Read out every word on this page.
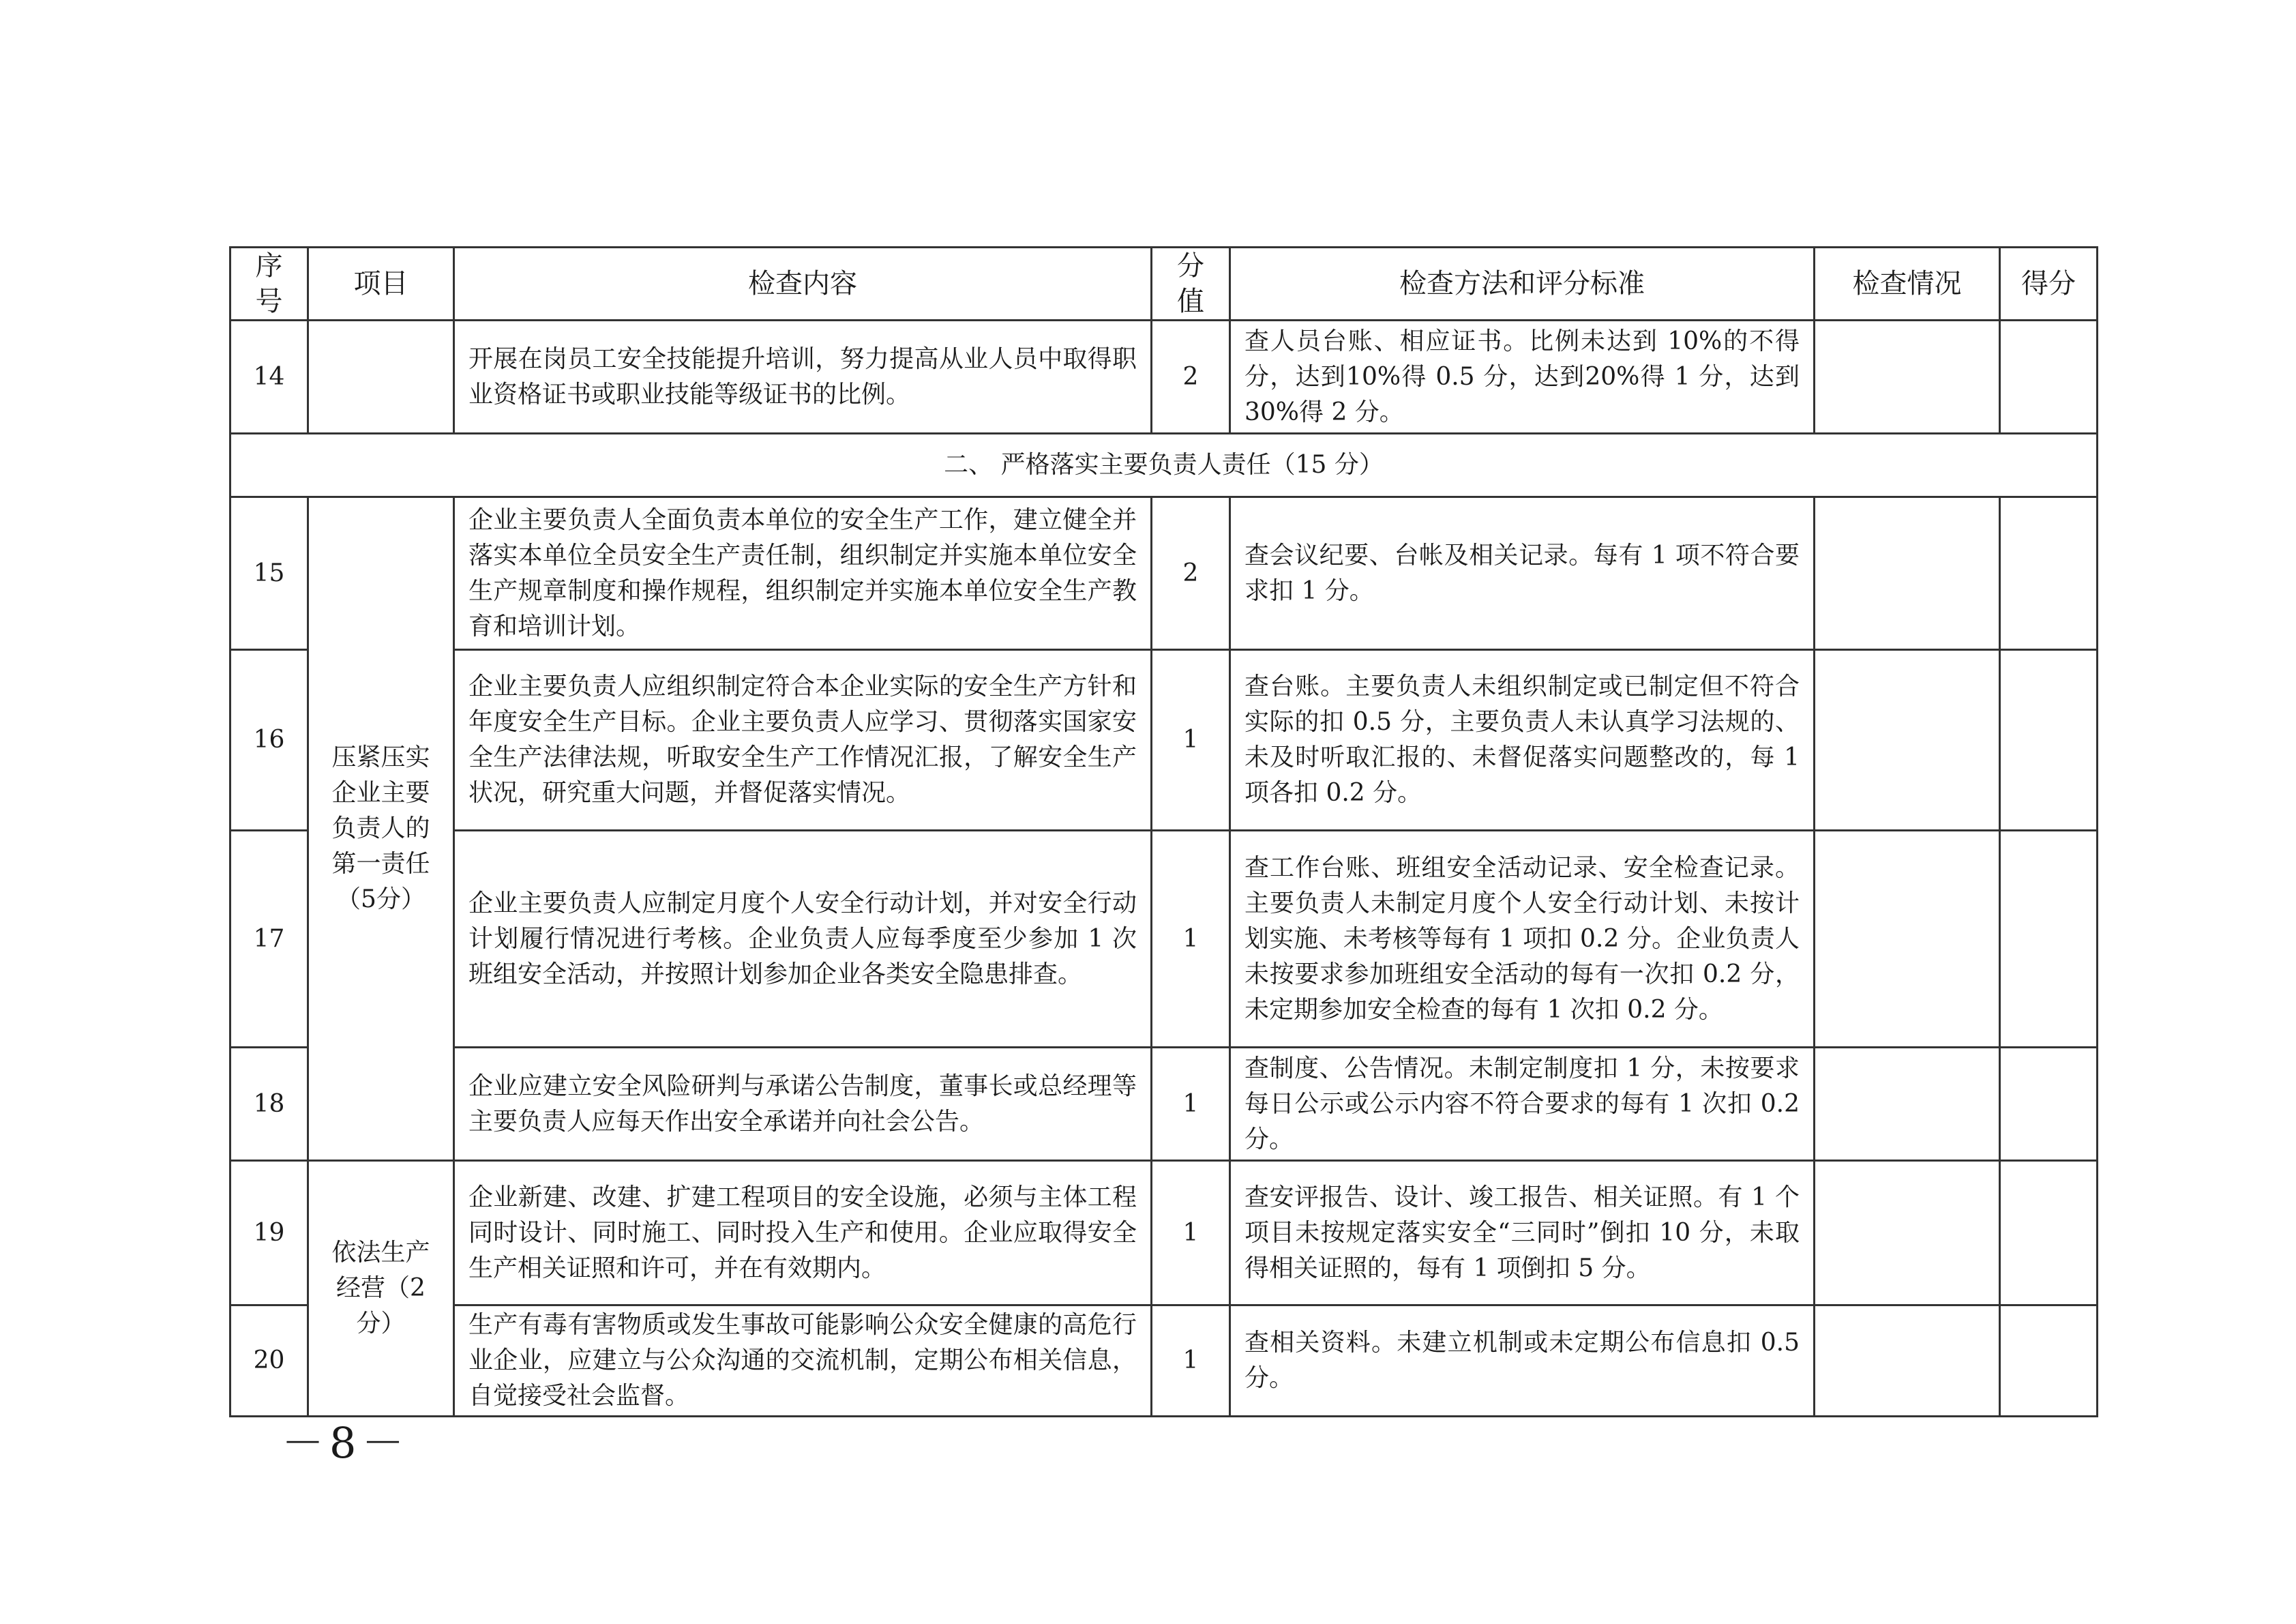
序号	项目	检查内容	分值	检查方法和评分标准	检查情况	得分
14		开展在岗员工安全技能提升培训，努力提高从业人员中取得职业资格证书或职业技能等级证书的比例。	2	查人员台账、相应证书。比例未达到 10%的不得分，达到10%得 0.5 分，达到20%得 1 分，达到 30%得 2 分。		
二、 严格落实主要负责人责任（15 分）						
15	压紧压实企业主要负责人的第一责任（5分）	企业主要负责人全面负责本单位的安全生产工作，建立健全并落实本单位全员安全生产责任制，组织制定并实施本单位安全生产规章制度和操作规程，组织制定并实施本单位安全生产教育和培训计划。	2	查会议纪要、台帐及相关记录。每有 1 项不符合要求扣 1 分。		
16		企业主要负责人应组织制定符合本企业实际的安全生产方针和年度安全生产目标。企业主要负责人应学习、贯彻落实国家安全生产法律法规，听取安全生产工作情况汇报，了解安全生产状况，研究重大问题，并督促落实情况。	1	查台账。主要负责人未组织制定或已制定但不符合实际的扣 0.5 分，主要负责人未认真学习法规的、未及时听取汇报的、未督促落实问题整改的，每 1 项各扣 0.2 分。		
17		企业主要负责人应制定月度个人安全行动计划，并对安全行动计划履行情况进行考核。企业负责人应每季度至少参加 1 次班组安全活动，并按照计划参加企业各类安全隐患排查。	1	查工作台账、班组安全活动记录、安全检查记录。主要负责人未制定月度个人安全行动计划、未按计划实施、未考核等每有 1 项扣 0.2 分。企业负责人未按要求参加班组安全活动的每有一次扣 0.2 分，未定期参加安全检查的每有 1 次扣 0.2 分。		
18		企业应建立安全风险研判与承诺公告制度，董事长或总经理等主要负责人应每天作出安全承诺并向社会公告。	1	查制度、公告情况。未制定制度扣 1 分，未按要求每日公示或公示内容不符合要求的每有 1 次扣 0.2 分。		
19	依法生产经营（2 分）	企业新建、改建、扩建工程项目的安全设施，必须与主体工程同时设计、同时施工、同时投入生产和使用。企业应取得安全生产相关证照和许可，并在有效期内。	1	查安评报告、设计、竣工报告、相关证照。有 1 个项目未按规定落实安全“三同时”倒扣 10 分，未取得相关证照的，每有 1 项倒扣 5 分。		
20		生产有毒有害物质或发生事故可能影响公众安全健康的高危行业企业，应建立与公众沟通的交流机制，定期公布相关信息，自觉接受社会监督。	1	查相关资料。未建立机制或未定期公布信息扣 0.5 分。		
－8－
